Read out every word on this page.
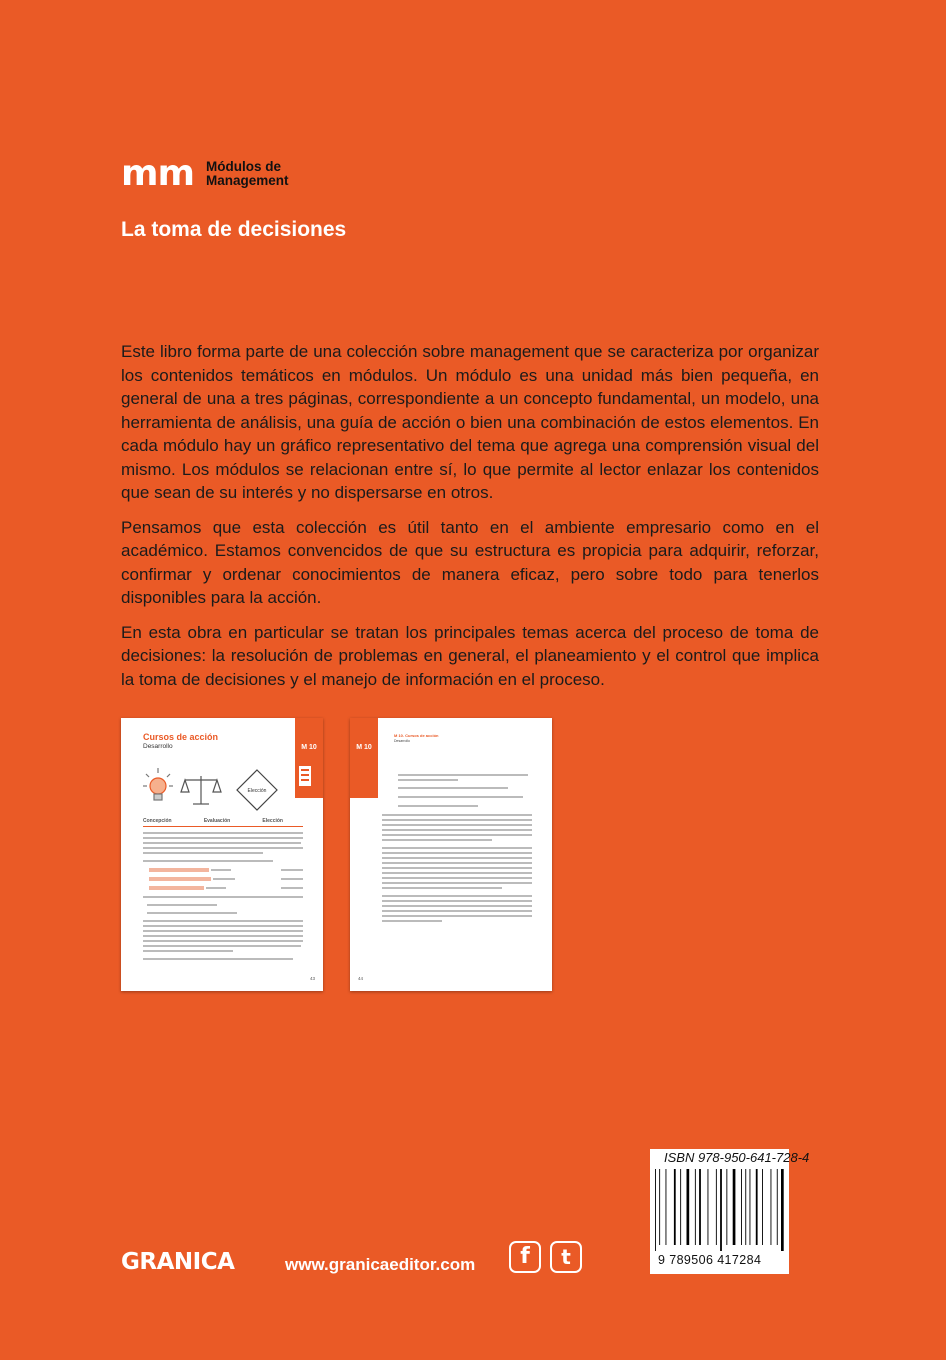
mm Módulos de
Management
La toma de decisiones

Este libro forma parte de una colección sobre management que se caracteriza por organizar los contenidos temáticos en módulos. Un módulo es una unidad más bien pequeña, en general de una a tres páginas, correspondiente a un concepto fundamental, un modelo, una herramienta de análisis, una guía de acción o bien una combinación de estos elementos. En cada módulo hay un gráfico representativo del tema que agrega una comprensión visual del mismo. Los módulos se relacionan entre sí, lo que permite al lector enlazar los contenidos que sean de su interés y no dispersarse en otros.

Pensamos que esta colección es útil tanto en el ambiente empresario como en el académico. Estamos convencidos de que su estructura es propicia para adquirir, reforzar, confirmar y ordenar conocimientos de manera eficaz, pero sobre todo para tenerlos disponibles para la acción.

En esta obra en particular se tratan los principales temas acerca del proceso de toma de decisiones: la resolución de problemas en general, el planeamiento y el control que implica la toma de decisiones y el manejo de información en el proceso.

Cursos de acción
Desarrollo	M 10
Elección
Concepción	Evaluación	Elección
43
M 10
M 10. Cursos de acción
Desarrollo
44
ISBN 978-950-641-728-4
9 789506 417284
GRANICA	www.granicaeditor.com	f	t
